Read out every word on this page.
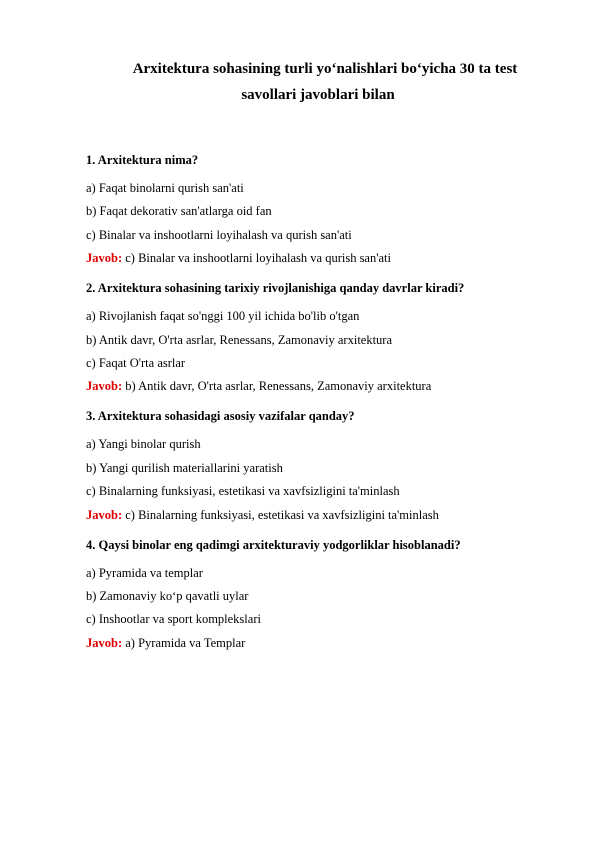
Arxitektura sohasining turli yo‘nalishlari bo‘yicha 30 ta test
savollari javoblari bilan

1. Arxitektura nima?

a) Faqat binolarni qurish san'ati

b) Faqat dekorativ san'atlarga oid fan

c) Binalar va inshootlarni loyihalash va qurish san'ati

Javob: c) Binalar va inshootlarni loyihalash va qurish san'ati

2. Arxitektura sohasining tarixiy rivojlanishiga qanday davrlar kiradi?

a) Rivojlanish faqat so'nggi 100 yil ichida bo'lib o'tgan

b) Antik davr, O'rta asrlar, Renessans, Zamonaviy arxitektura

c) Faqat O'rta asrlar

Javob: b) Antik davr, O'rta asrlar, Renessans, Zamonaviy arxitektura

3. Arxitektura sohasidagi asosiy vazifalar qanday?

a) Yangi binolar qurish

b) Yangi qurilish materiallarini yaratish

c) Binalarning funksiyasi, estetikasi va xavfsizligini ta'minlash

Javob: c) Binalarning funksiyasi, estetikasi va xavfsizligini ta'minlash

4. Qaysi binolar eng qadimgi arxitekturaviy yodgorliklar hisoblanadi?

a) Pyramida va templar

b) Zamonaviy ko‘p qavatli uylar

c) Inshootlar va sport komplekslari

Javob: a) Pyramida va Templar
